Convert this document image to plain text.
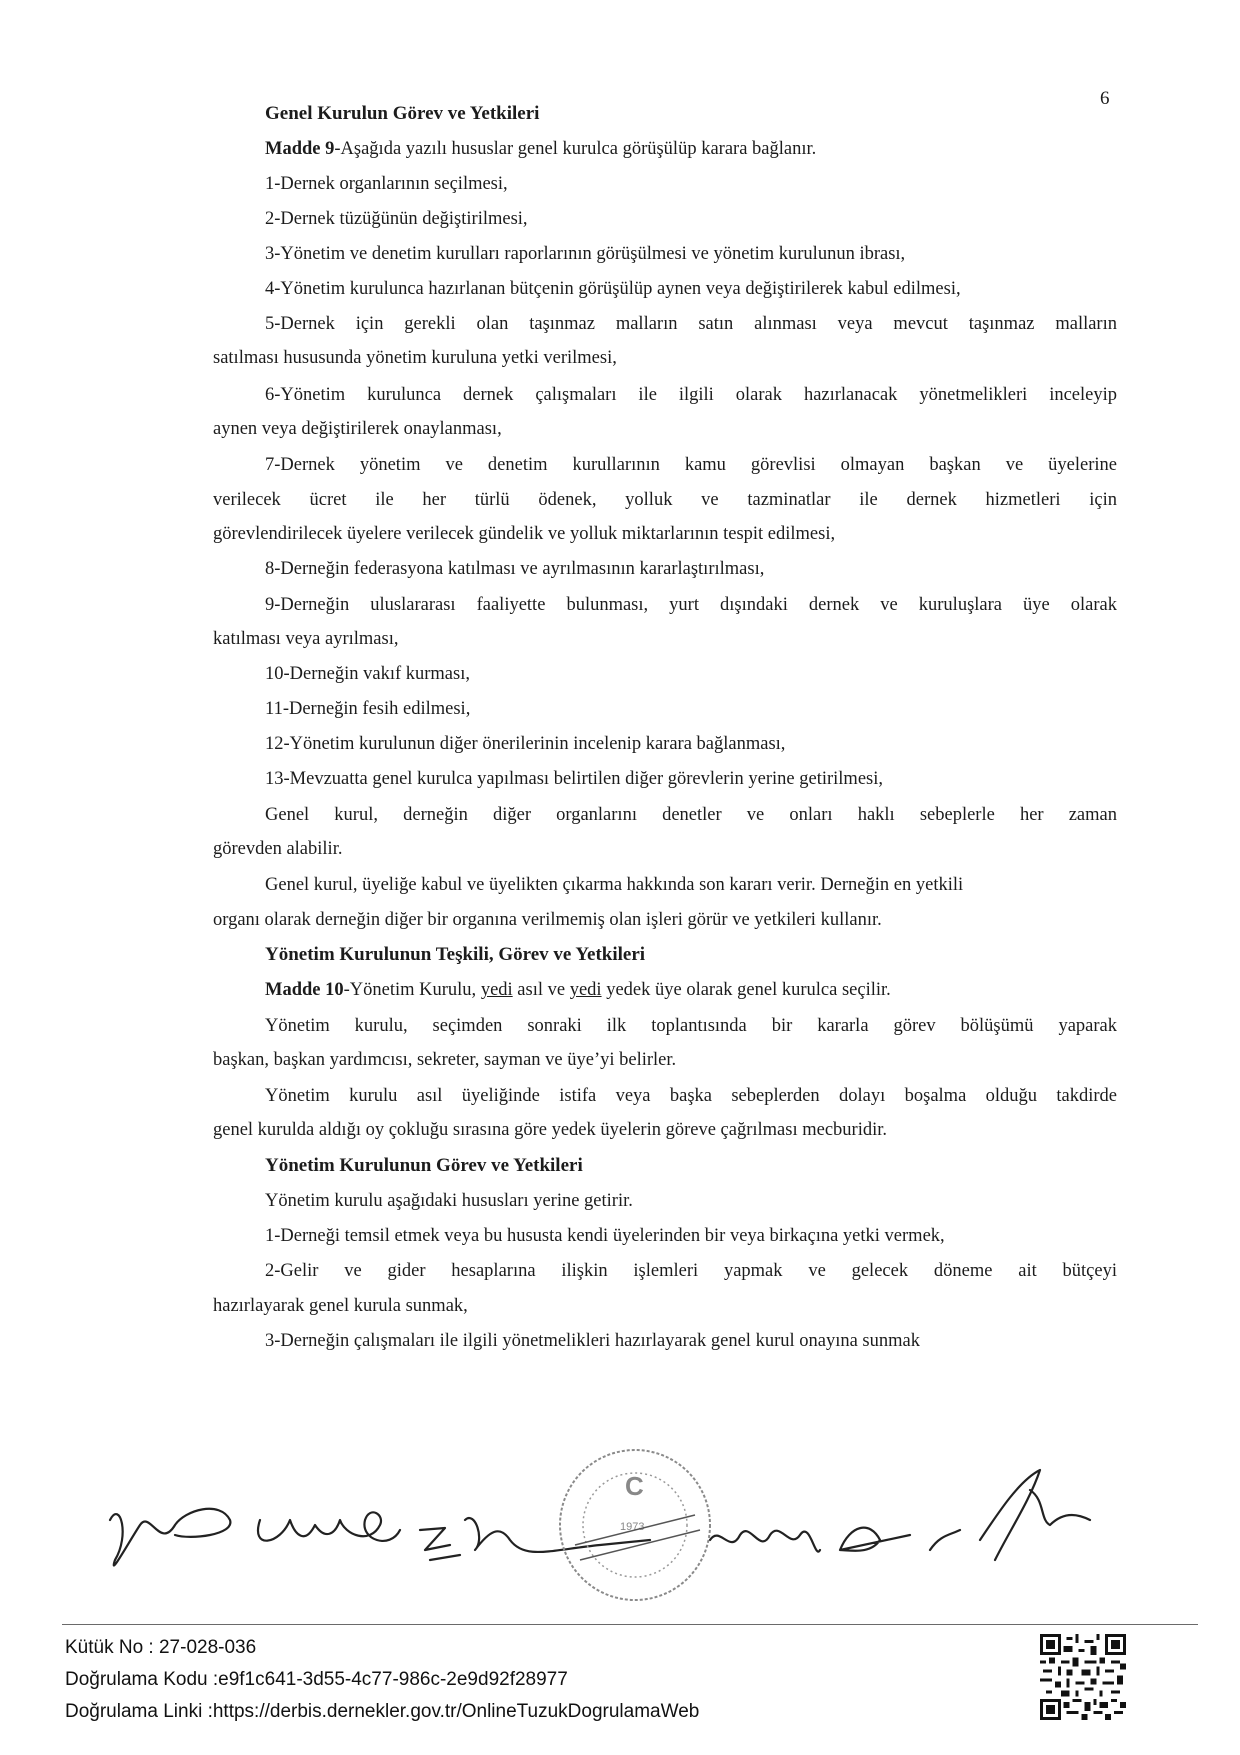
6
Genel Kurulun Görev ve Yetkileri
Madde 9-Aşağıda yazılı hususlar genel kurulca görüşülüp karara bağlanır.
1-Dernek organlarının seçilmesi,
2-Dernek tüzüğünün değiştirilmesi,
3-Yönetim ve denetim kurulları raporlarının görüşülmesi ve yönetim kurulunun ibrası,
4-Yönetim kurulunca hazırlanan bütçenin görüşülüp aynen veya değiştirilerek kabul edilmesi,
5-Dernek için gerekli olan taşınmaz malların satın alınması veya mevcut taşınmaz malların
satılması hususunda yönetim kuruluna yetki verilmesi,
6-Yönetim kurulunca dernek çalışmaları ile ilgili olarak hazırlanacak yönetmelikleri inceleyip
aynen veya değiştirilerek onaylanması,
7-Dernek yönetim ve denetim kurullarının kamu görevlisi olmayan başkan ve üyelerine
verilecek ücret ile her türlü ödenek, yolluk ve tazminatlar ile dernek hizmetleri için
görevlendirilecek üyelere verilecek gündelik ve yolluk miktarlarının tespit edilmesi,
8-Derneğin federasyona katılması ve ayrılmasının kararlaştırılması,
9-Derneğin uluslararası faaliyette bulunması, yurt dışındaki dernek ve kuruluşlara üye olarak
katılması veya ayrılması,
10-Derneğin vakıf kurması,
11-Derneğin fesih edilmesi,
12-Yönetim kurulunun diğer önerilerinin incelenip karara bağlanması,
13-Mevzuatta genel kurulca yapılması belirtilen diğer görevlerin yerine getirilmesi,
Genel kurul, derneğin diğer organlarını denetler ve onları haklı sebeplerle her zaman
görevden alabilir.
Genel kurul, üyeliğe kabul ve üyelikten çıkarma hakkında son kararı verir. Derneğin en yetkili
organı olarak derneğin diğer bir organına verilmemiş olan işleri görür ve yetkileri kullanır.
Yönetim Kurulunun Teşkili, Görev ve Yetkileri
Madde 10-Yönetim Kurulu, yedi asıl ve yedi yedek üye olarak genel kurulca seçilir.
Yönetim kurulu, seçimden sonraki ilk toplantısında bir kararla görev bölüşümü yaparak
başkan, başkan yardımcısı, sekreter, sayman ve üye’yi belirler.
Yönetim kurulu asıl üyeliğinde istifa veya başka sebeplerden dolayı boşalma olduğu takdirde
genel kurulda aldığı oy çokluğu sırasına göre yedek üyelerin göreve çağrılması mecburidir.
Yönetim Kurulunun Görev ve Yetkileri
Yönetim kurulu aşağıdaki hususları yerine getirir.
1-Derneği temsil etmek veya bu hususta kendi üyelerinden bir veya birkaçına yetki vermek,
2-Gelir ve gider hesaplarına ilişkin işlemleri yapmak ve gelecek döneme ait bütçeyi
hazırlayarak genel kurula sunmak,
3-Derneğin çalışmaları ile ilgili yönetmelikleri hazırlayarak genel kurul onayına sunmak
C
1973
Kütük No : 27-028-036
Doğrulama Kodu :e9f1c641-3d55-4c77-986c-2e9d92f28977
Doğrulama Linki :https://derbis.dernekler.gov.tr/OnlineTuzukDogrulamaWeb
